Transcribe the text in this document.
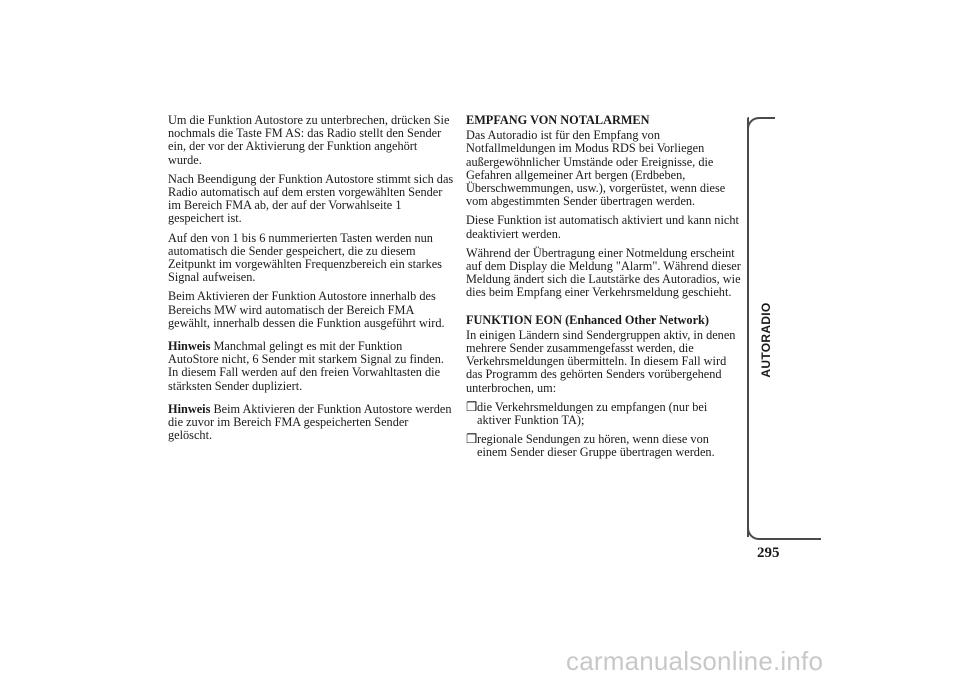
Um die Funktion Autostore zu unterbrechen, drücken Sie nochmals die Taste FM AS: das Radio stellt den Sender ein, der vor der Aktivierung der Funktion angehört wurde.

Nach Beendigung der Funktion Autostore stimmt sich das Radio automatisch auf dem ersten vorgewählten Sender im Bereich FMA ab, der auf der Vorwahlseite 1 gespeichert ist.

Auf den von 1 bis 6 nummerierten Tasten werden nun automatisch die Sender gespeichert, die zu diesem Zeitpunkt im vorgewählten Frequenzbereich ein starkes Signal aufweisen.

Beim Aktivieren der Funktion Autostore innerhalb des Bereichs MW wird automatisch der Bereich FMA gewählt, innerhalb dessen die Funktion ausgeführt wird.

Hinweis Manchmal gelingt es mit der Funktion AutoStore nicht, 6 Sender mit starkem Signal zu finden. In diesem Fall werden auf den freien Vorwahltasten die stärksten Sender dupliziert.

Hinweis Beim Aktivieren der Funktion Autostore werden die zuvor im Bereich FMA gespeicherten Sender gelöscht.

EMPFANG VON NOTALARMEN

Das Autoradio ist für den Empfang von Notfallmeldungen im Modus RDS bei Vorliegen außergewöhnlicher Umstände oder Ereignisse, die Gefahren allgemeiner Art bergen (Erdbeben, Überschwemmungen, usw.), vorgerüstet, wenn diese vom abgestimmten Sender übertragen werden.

Diese Funktion ist automatisch aktiviert und kann nicht deaktiviert werden.

Während der Übertragung einer Notmeldung erscheint auf dem Display die Meldung "Alarm". Während dieser Meldung ändert sich die Lautstärke des Autoradios, wie dies beim Empfang einer Verkehrsmeldung geschieht.

FUNKTION EON (Enhanced Other Network)

In einigen Ländern sind Sendergruppen aktiv, in denen mehrere Sender zusammengefasst werden, die Verkehrsmeldungen übermitteln. In diesem Fall wird das Programm des gehörten Senders vorübergehend unterbrochen, um:

❒die Verkehrsmeldungen zu empfangen (nur bei aktiver Funktion TA);

❒regionale Sendungen zu hören, wenn diese von einem Sender dieser Gruppe übertragen werden.

AUTORADIO
295
carmanualsonline.info
